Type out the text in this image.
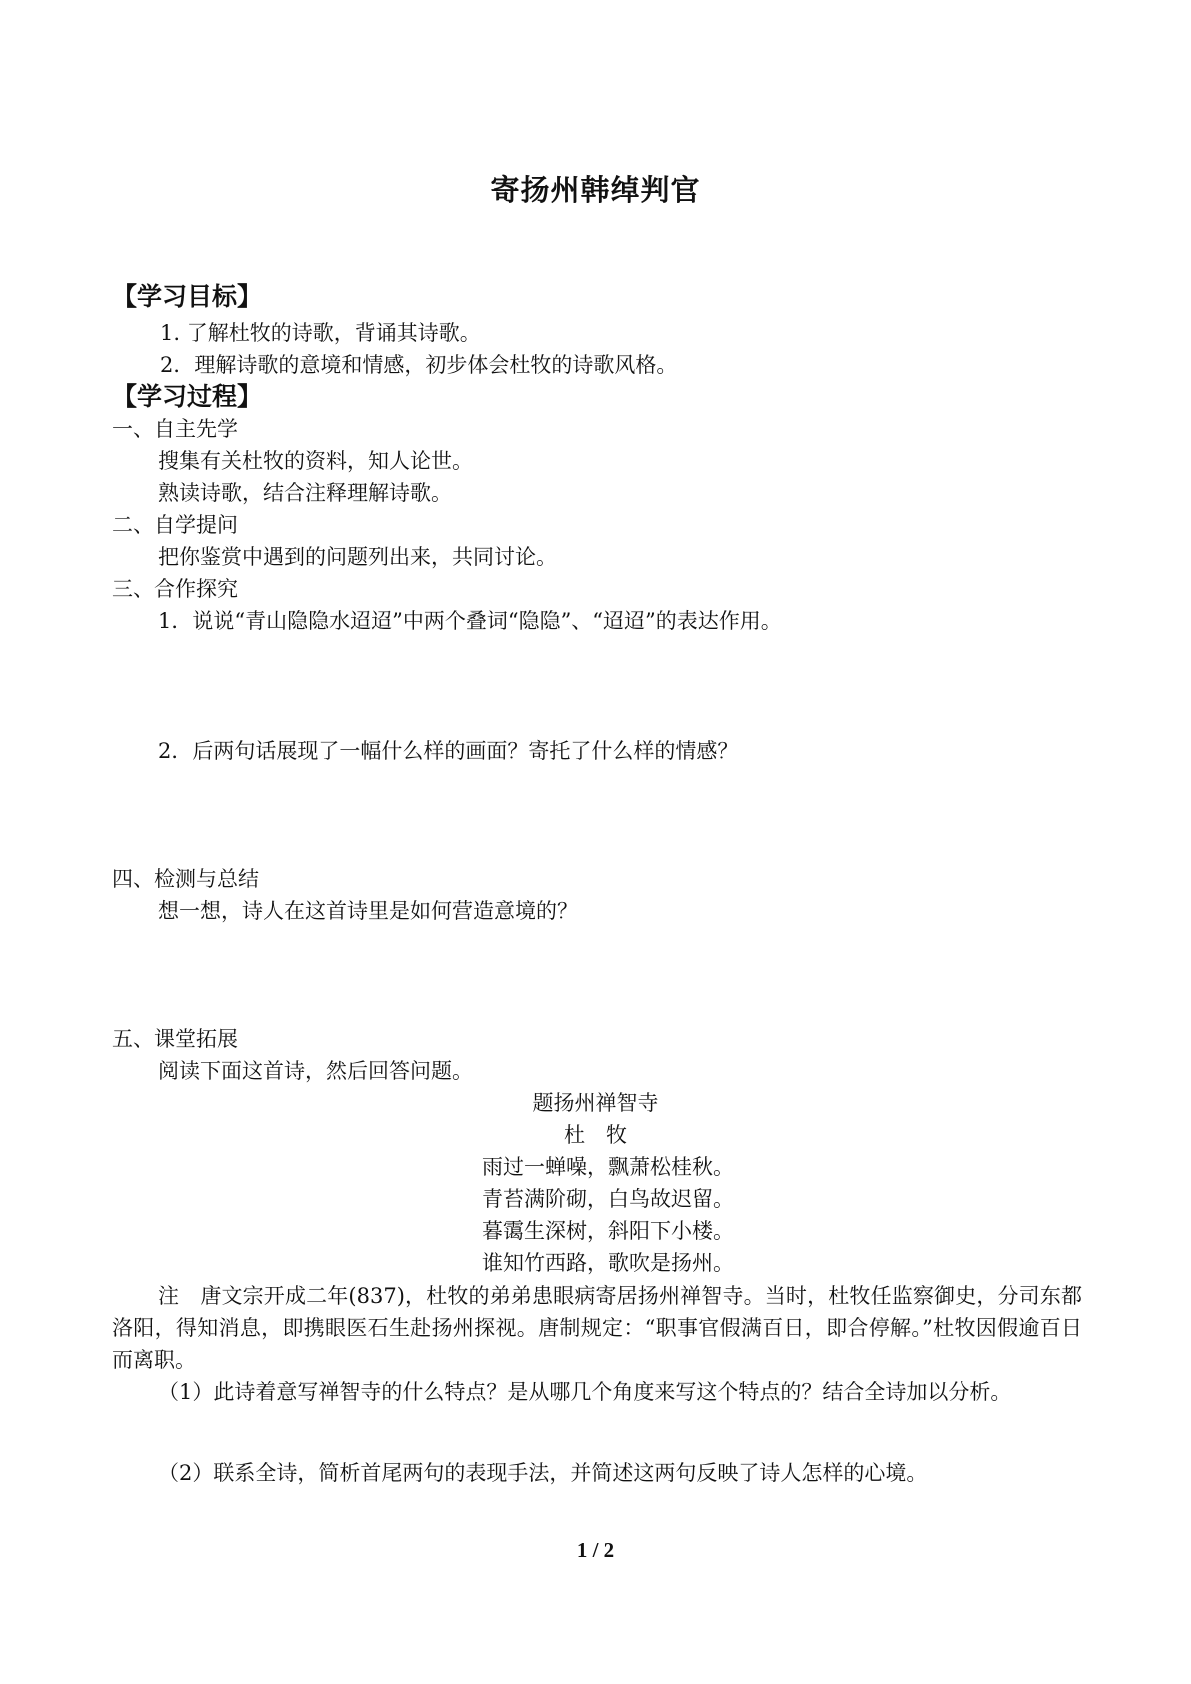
寄扬州韩绰判官
【学习目标】
1. 了解杜牧的诗歌，背诵其诗歌。
2．理解诗歌的意境和情感，初步体会杜牧的诗歌风格。
【学习过程】
一、自主先学
搜集有关杜牧的资料，知人论世。
熟读诗歌，结合注释理解诗歌。
二、自学提问
把你鉴赏中遇到的问题列出来，共同讨论。
三、合作探究
1．说说“青山隐隐水迢迢”中两个叠词“隐隐”、“迢迢”的表达作用。
2．后两句话展现了一幅什么样的画面？寄托了什么样的情感？
四、检测与总结
想一想，诗人在这首诗里是如何营造意境的？
五、课堂拓展
阅读下面这首诗，然后回答问题。
题扬州禅智寺
杜　牧
雨过一蝉噪，飘萧松桂秋。
青苔满阶砌，白鸟故迟留。
暮霭生深树，斜阳下小楼。
谁知竹西路，歌吹是扬州。
注　唐文宗开成二年(837)，杜牧的弟弟患眼病寄居扬州禅智寺。当时，杜牧任监察御史，分司东都洛阳，得知消息，即携眼医石生赴扬州探视。唐制规定：“职事官假满百日，即合停解。”杜牧因假逾百日而离职。
（1）此诗着意写禅智寺的什么特点？是从哪几个角度来写这个特点的？结合全诗加以分析。
（2）联系全诗，简析首尾两句的表现手法，并简述这两句反映了诗人怎样的心境。
1 / 2
